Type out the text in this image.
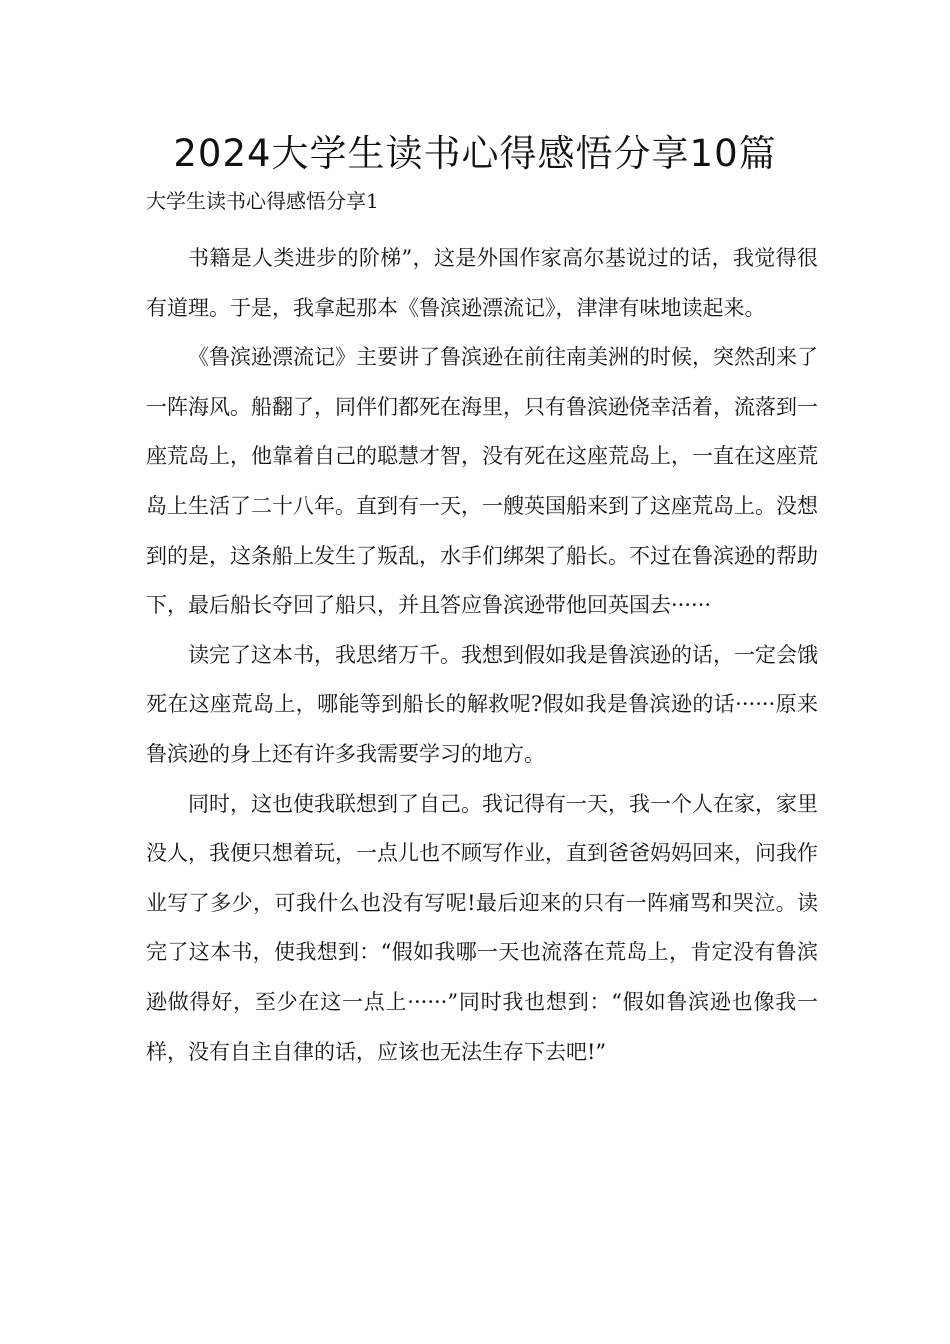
2024大学生读书心得感悟分享10篇
大学生读书心得感悟分享1

书籍是人类进步的阶梯”，这是外国作家高尔基说过的话，我觉得很有道理。于是，我拿起那本《鲁滨逊漂流记》，津津有味地读起来。

《鲁滨逊漂流记》主要讲了鲁滨逊在前往南美洲的时候，突然刮来了一阵海风。船翻了，同伴们都死在海里，只有鲁滨逊侥幸活着，流落到一座荒岛上，他靠着自己的聪慧才智，没有死在这座荒岛上，一直在这座荒岛上生活了二十八年。直到有一天，一艘英国船来到了这座荒岛上。没想到的是，这条船上发生了叛乱，水手们绑架了船长。不过在鲁滨逊的帮助下，最后船长夺回了船只，并且答应鲁滨逊带他回英国去······

读完了这本书，我思绪万千。我想到假如我是鲁滨逊的话，一定会饿死在这座荒岛上，哪能等到船长的解救呢?假如我是鲁滨逊的话······原来鲁滨逊的身上还有许多我需要学习的地方。

同时，这也使我联想到了自己。我记得有一天，我一个人在家，家里没人，我便只想着玩，一点儿也不顾写作业，直到爸爸妈妈回来，问我作业写了多少，可我什么也没有写呢!最后迎来的只有一阵痛骂和哭泣。读完了这本书，使我想到：“假如我哪一天也流落在荒岛上，肯定没有鲁滨逊做得好，至少在这一点上······”同时我也想到：“假如鲁滨逊也像我一样，没有自主自律的话，应该也无法生存下去吧!”
